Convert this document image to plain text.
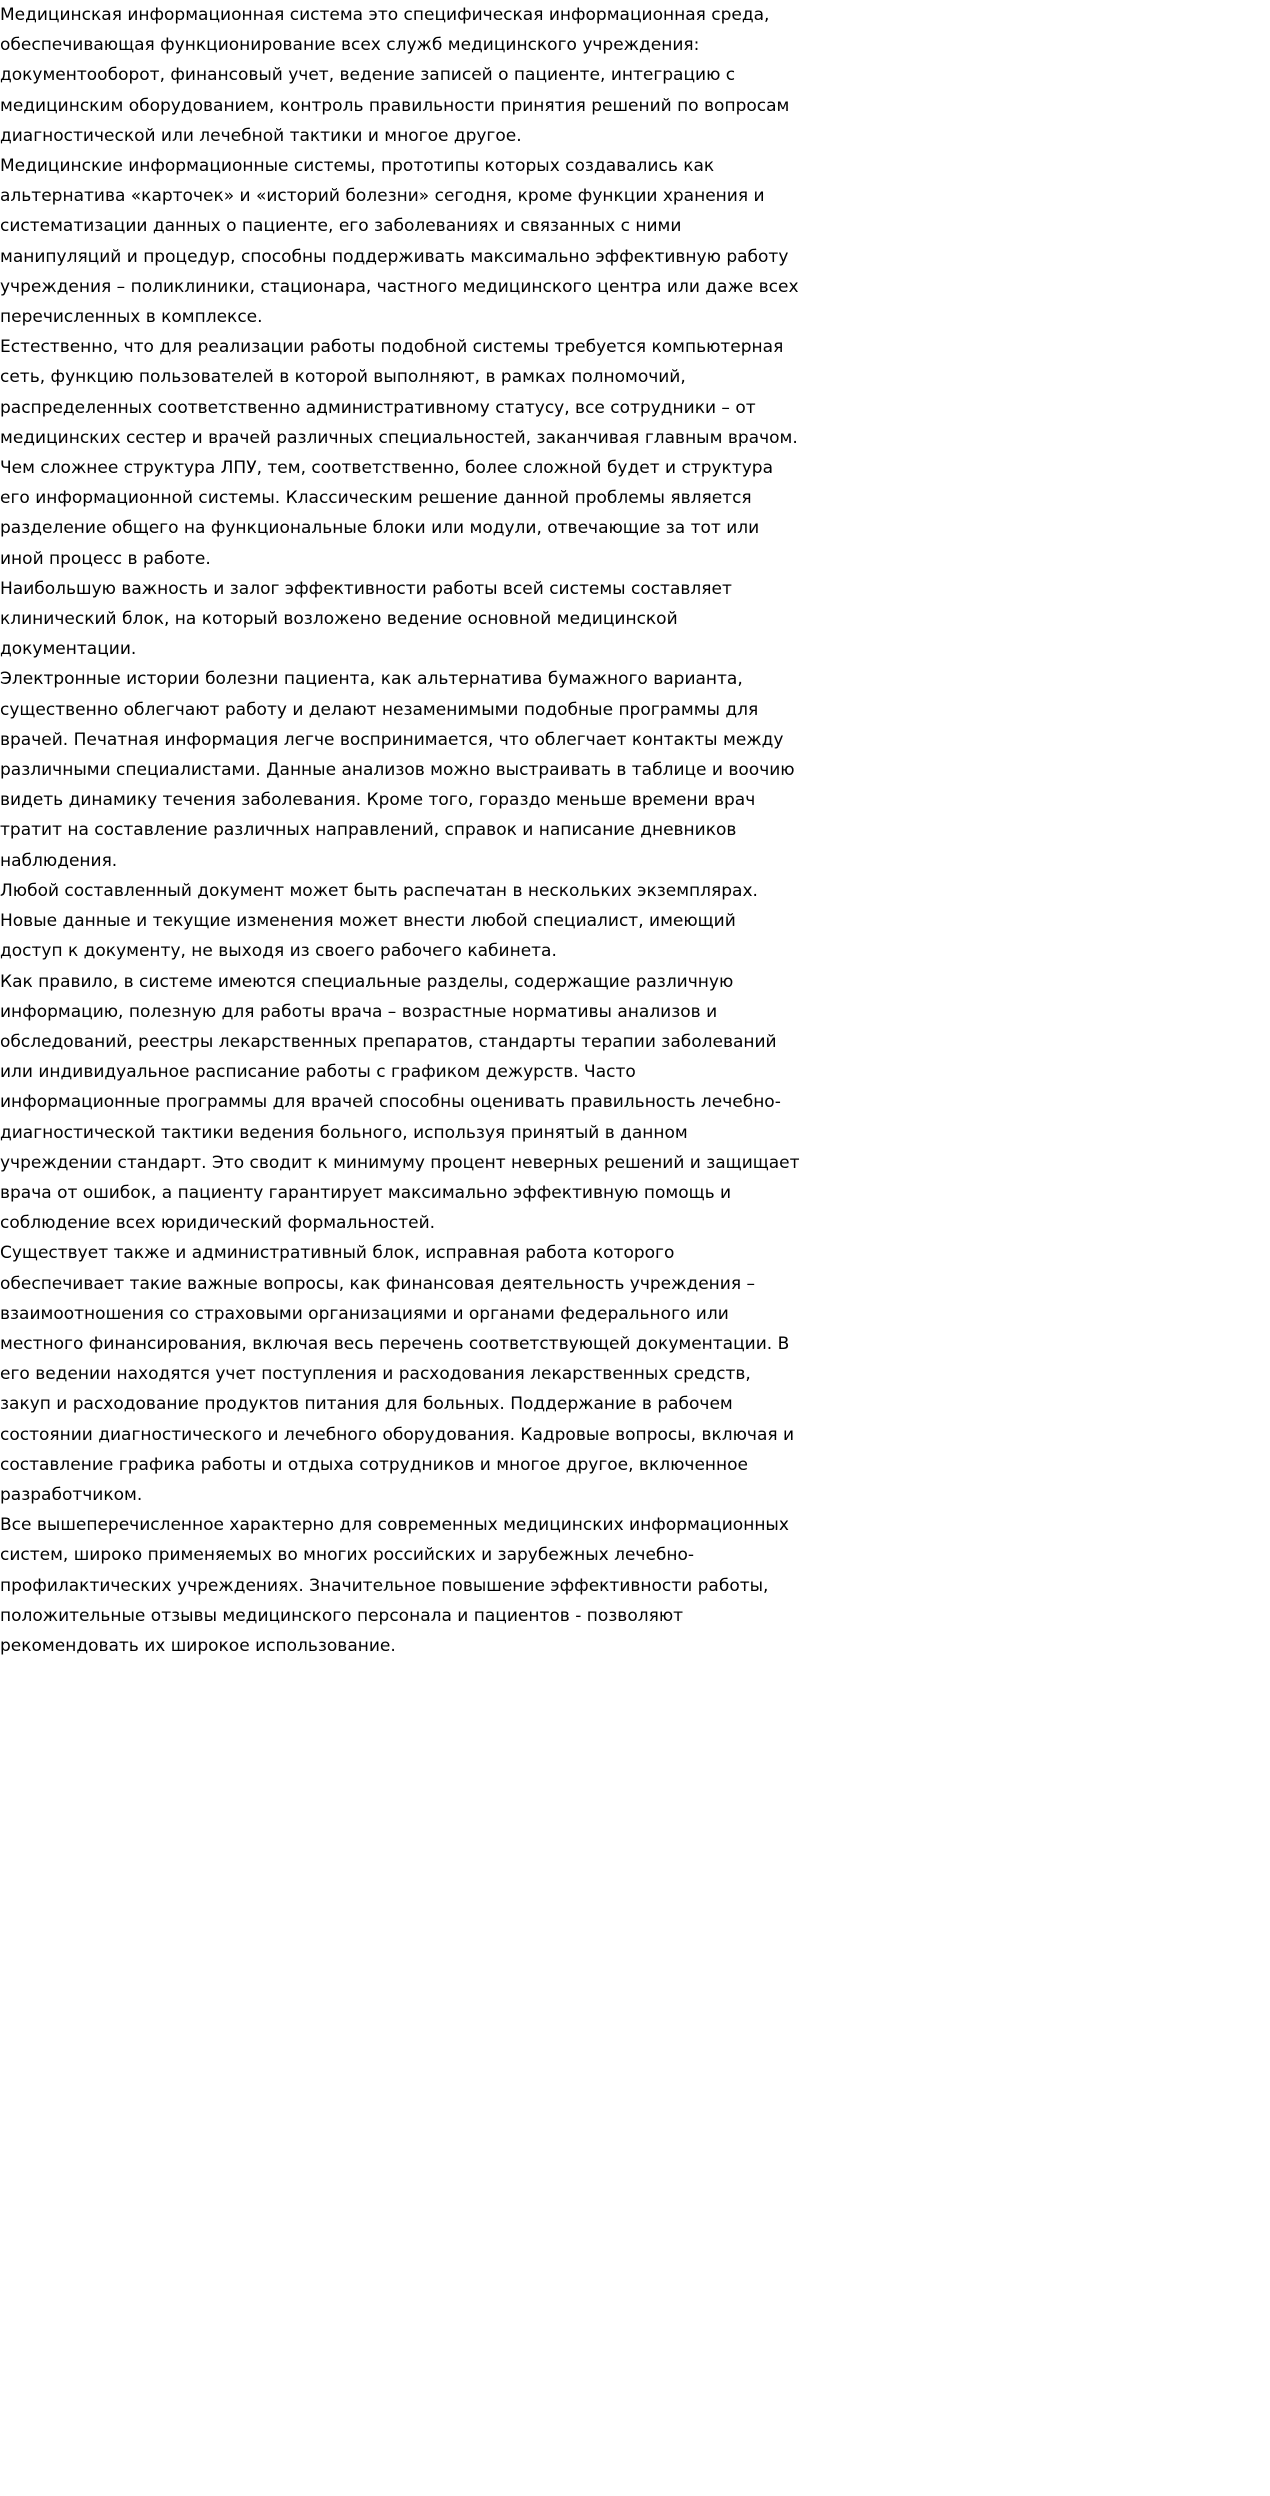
Медицинская информационная система это специфическая информационная среда, обеспечивающая функционирование всех служб медицинского учреждения: документооборот, финансовый учет, ведение записей о пациенте, интеграцию с медицинским оборудованием, контроль правильности принятия решений по вопросам диагностической или лечебной тактики и многое другое.

Медицинские информационные системы, прототипы которых создавались как альтернатива «карточек» и «историй болезни» сегодня, кроме функции хранения и систематизации данных о пациенте, его заболеваниях и связанных с ними манипуляций и процедур, способны поддерживать максимально эффективную работу учреждения – поликлиники, стационара, частного медицинского центра или даже всех перечисленных в комплексе.

Естественно, что для реализации работы подобной системы требуется компьютерная сеть, функцию пользователей в которой выполняют, в рамках полномочий, распределенных соответственно административному статусу, все сотрудники – от медицинских сестер и врачей различных специальностей, заканчивая главным врачом.

Чем сложнее структура ЛПУ, тем, соответственно, более сложной будет и структура его информационной системы. Классическим решение данной проблемы является разделение общего на функциональные блоки или модули, отвечающие за тот или иной процесс в работе.

Наибольшую важность и залог эффективности работы всей системы составляет клинический блок, на который возложено ведение основной медицинской документации.

Электронные истории болезни пациента, как альтернатива бумажного варианта, существенно облегчают работу и делают незаменимыми подобные программы для врачей. Печатная информация легче воспринимается, что облегчает контакты между различными специалистами. Данные анализов можно выстраивать в таблице и воочию видеть динамику течения заболевания. Кроме того, гораздо меньше времени врач тратит на составление различных направлений, справок и написание дневников наблюдения.

Любой составленный документ может быть распечатан в нескольких экземплярах. Новые данные и текущие изменения может внести любой специалист, имеющий доступ к документу, не выходя из своего рабочего кабинета.

Как правило, в системе имеются специальные разделы, содержащие различную информацию, полезную для работы врача – возрастные нормативы анализов и обследований, реестры лекарственных препаратов, стандарты терапии заболеваний или индивидуальное расписание работы с графиком дежурств. Часто информационные программы для врачей способны оценивать правильность лечебно-диагностической тактики ведения больного, используя принятый в данном учреждении стандарт. Это сводит к минимуму процент неверных решений и защищает врача от ошибок, а пациенту гарантирует максимально эффективную помощь и соблюдение всех юридический формальностей.

Существует также и административный блок, исправная работа которого обеспечивает такие важные вопросы, как финансовая деятельность учреждения – взаимоотношения со страховыми организациями и органами федерального или местного финансирования, включая весь перечень соответствующей документации. В его ведении находятся учет поступления и расходования лекарственных средств, закуп и расходование продуктов питания для больных. Поддержание в рабочем состоянии диагностического и лечебного оборудования. Кадровые вопросы, включая и составление графика работы и отдыха сотрудников и многое другое, включенное разработчиком.

Все вышеперечисленное характерно для современных медицинских информационных систем, широко применяемых во многих российских и зарубежных лечебно-профилактических учреждениях. Значительное повышение эффективности работы, положительные отзывы медицинского персонала и пациентов - позволяют рекомендовать их широкое использование.
